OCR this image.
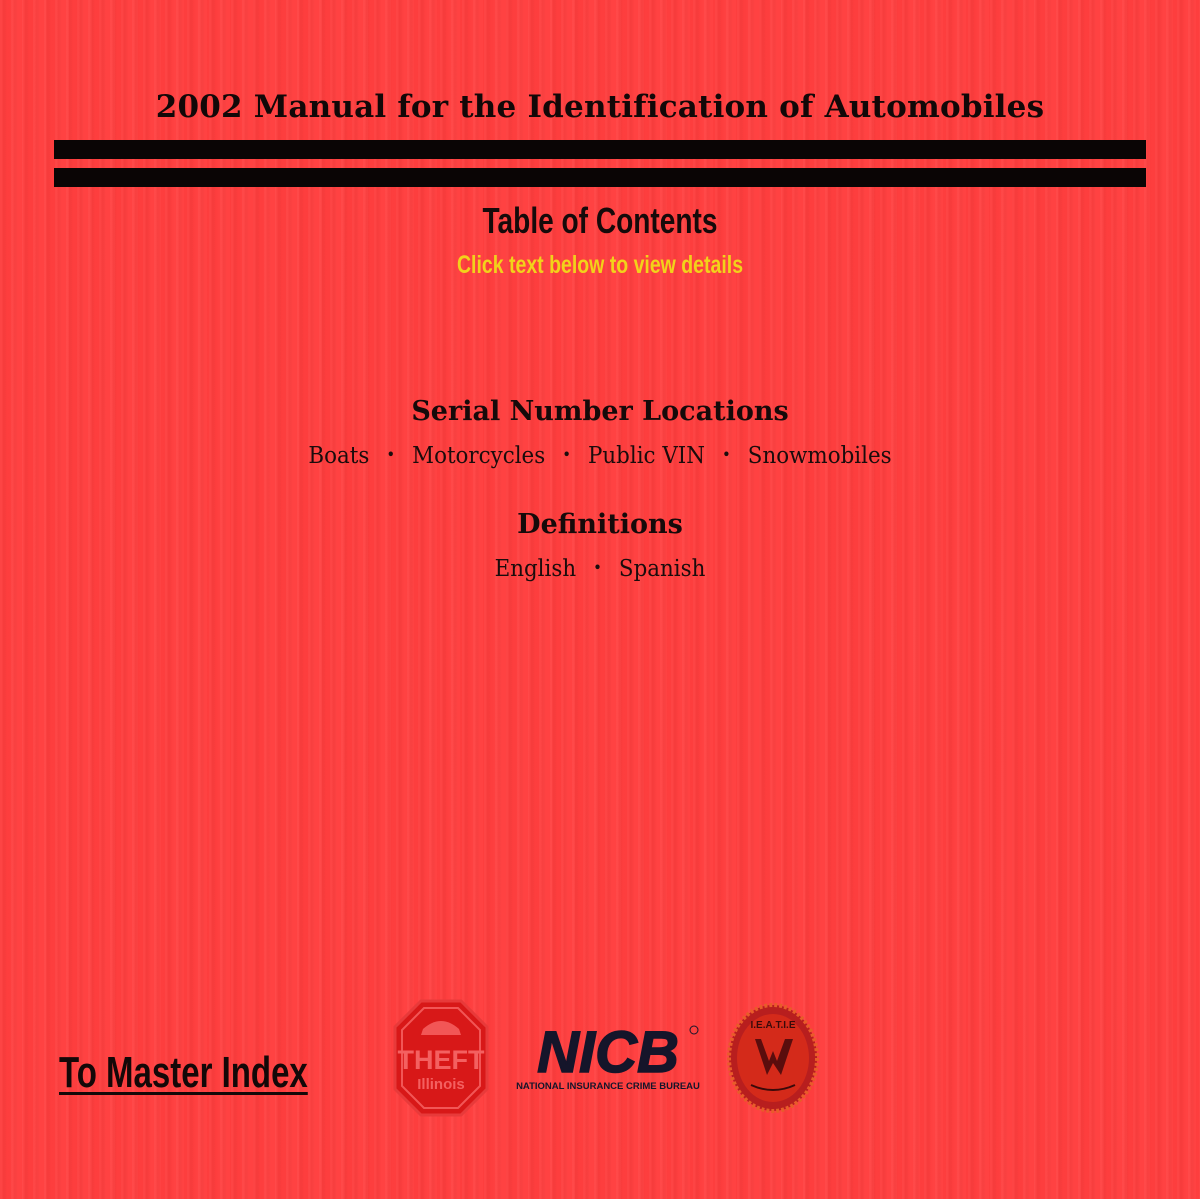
2002 Manual for the Identification of Automobiles
Table of Contents
Click text below to view details
Serial Number Locations
Boats • Motorcycles • Public VIN • Snowmobiles
Definitions
English • Spanish
To Master Index	THEFT
Illinois NICB
NATIONAL INSURANCE CRIME BUREAU
I.E.A.T.I.E
